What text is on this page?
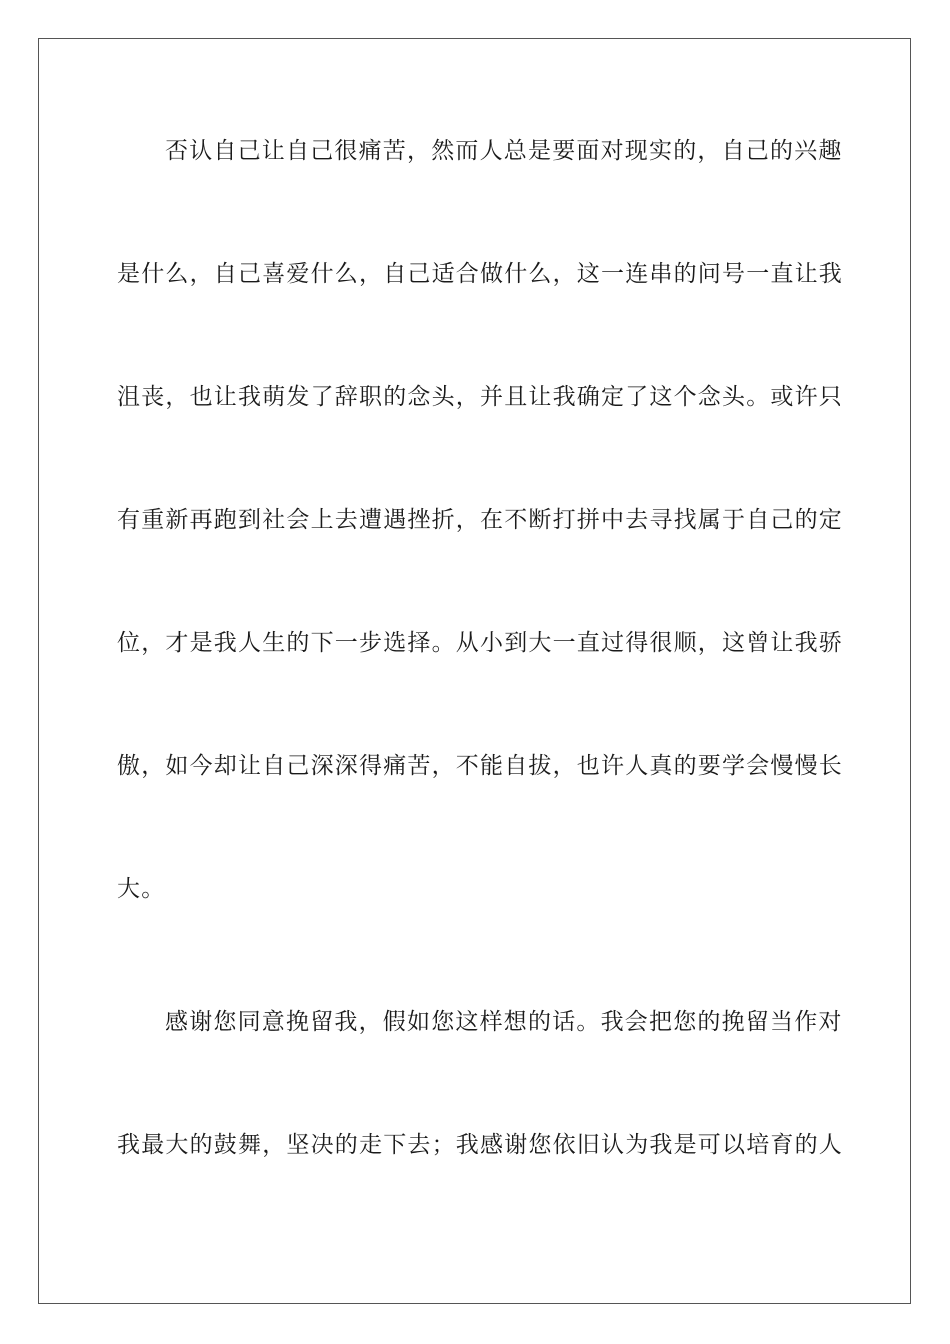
否认自己让自己很痛苦，然而人总是要面对现实的，自己的兴趣
是什么，自己喜爱什么，自己适合做什么，这一连串的问号一直让我
沮丧，也让我萌发了辞职的念头，并且让我确定了这个念头。或许只
有重新再跑到社会上去遭遇挫折，在不断打拼中去寻找属于自己的定
位，才是我人生的下一步选择。从小到大一直过得很顺，这曾让我骄
傲，如今却让自己深深得痛苦，不能自拔，也许人真的要学会慢慢长
大。
感谢您同意挽留我，假如您这样想的话。我会把您的挽留当作对
我最大的鼓舞，坚决的走下去；我感谢您依旧认为我是可以培育的人
